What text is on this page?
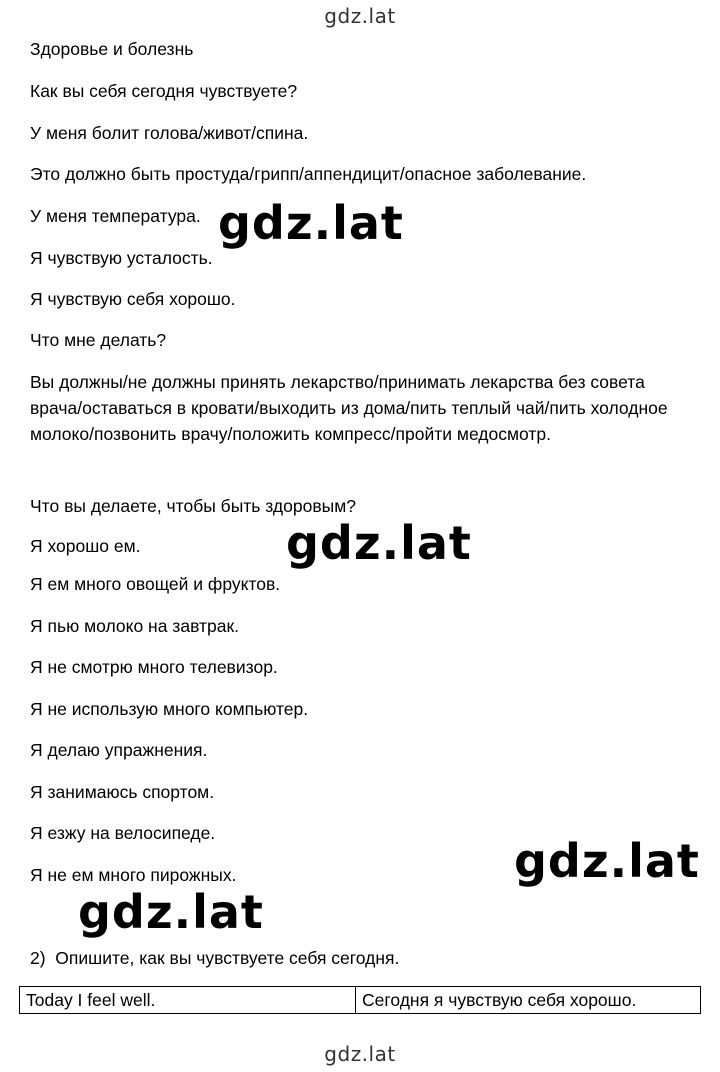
gdz.lat
Здоровье и болезнь
Как вы себя сегодня чувствуете?
У меня болит голова/живот/спина.
Это должно быть простуда/грипп/аппендицит/опасное заболевание.
У меня температура.
Я чувствую усталость.
Я чувствую себя хорошо.
Что мне делать?
Вы должны/не должны принять лекарство/принимать лекарства без совета врача/оставаться в кровати/выходить из дома/пить теплый чай/пить холодное молоко/позвонить врачу/положить компресс/пройти медосмотр.
Что вы делаете, чтобы быть здоровым?
Я хорошо ем.
Я ем много овощей и фруктов.
Я пью молоко на завтрак.
Я не смотрю много телевизор.
Я не использую много компьютер.
Я делаю упражнения.
Я занимаюсь спортом.
Я езжу на велосипеде.
Я не ем много пирожных.
2) Опишите, как вы чувствуете себя сегодня.
Today I feel well.	Сегодня я чувствую себя хорошо.
gdz.lat
gdz.lat
gdz.lat
gdz.lat
gdz.lat
